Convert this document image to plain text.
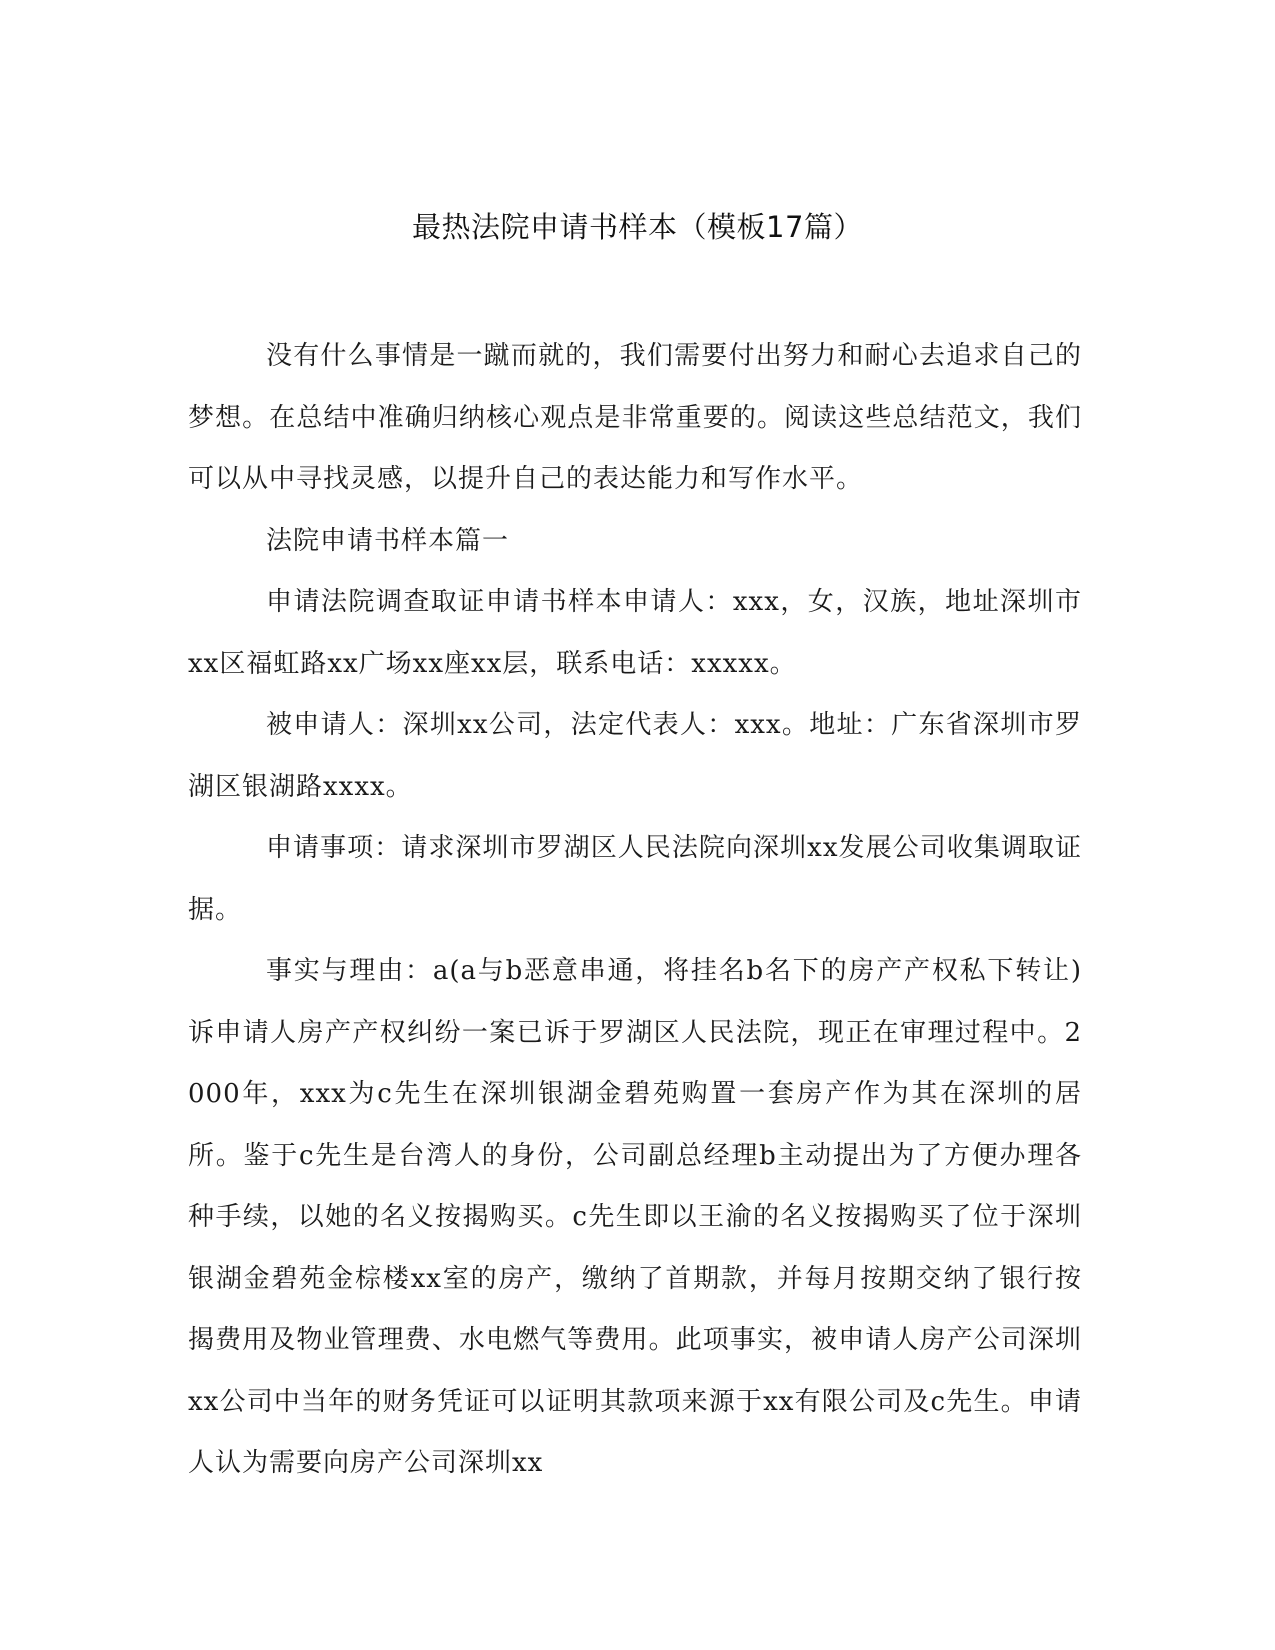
最热法院申请书样本（模板17篇）

没有什么事情是一蹴而就的，我们需要付出努力和耐心去追求自己的梦想。在总结中准确归纳核心观点是非常重要的。阅读这些总结范文，我们可以从中寻找灵感，以提升自己的表达能力和写作水平。

法院申请书样本篇一

申请法院调查取证申请书样本申请人：xxx，女，汉族，地址深圳市xx区福虹路xx广场xx座xx层，联系电话：xxxxx。

被申请人：深圳xx公司，法定代表人：xxx。地址：广东省深圳市罗湖区银湖路xxxx。

申请事项：请求深圳市罗湖区人民法院向深圳xx发展公司收集调取证据。

事实与理由：a(a与b恶意串通，将挂名b名下的房产产权私下转让)诉申请人房产产权纠纷一案已诉于罗湖区人民法院，现正在审理过程中。2000年，xxx为c先生在深圳银湖金碧苑购置一套房产作为其在深圳的居所。鉴于c先生是台湾人的身份，公司副总经理b主动提出为了方便办理各种手续，以她的名义按揭购买。c先生即以王渝的名义按揭购买了位于深圳银湖金碧苑金棕楼xx室的房产，缴纳了首期款，并每月按期交纳了银行按揭费用及物业管理费、水电燃气等费用。此项事实，被申请人房产公司深圳xx公司中当年的财务凭证可以证明其款项来源于xx有限公司及c先生。申请人认为需要向房产公司深圳xx
